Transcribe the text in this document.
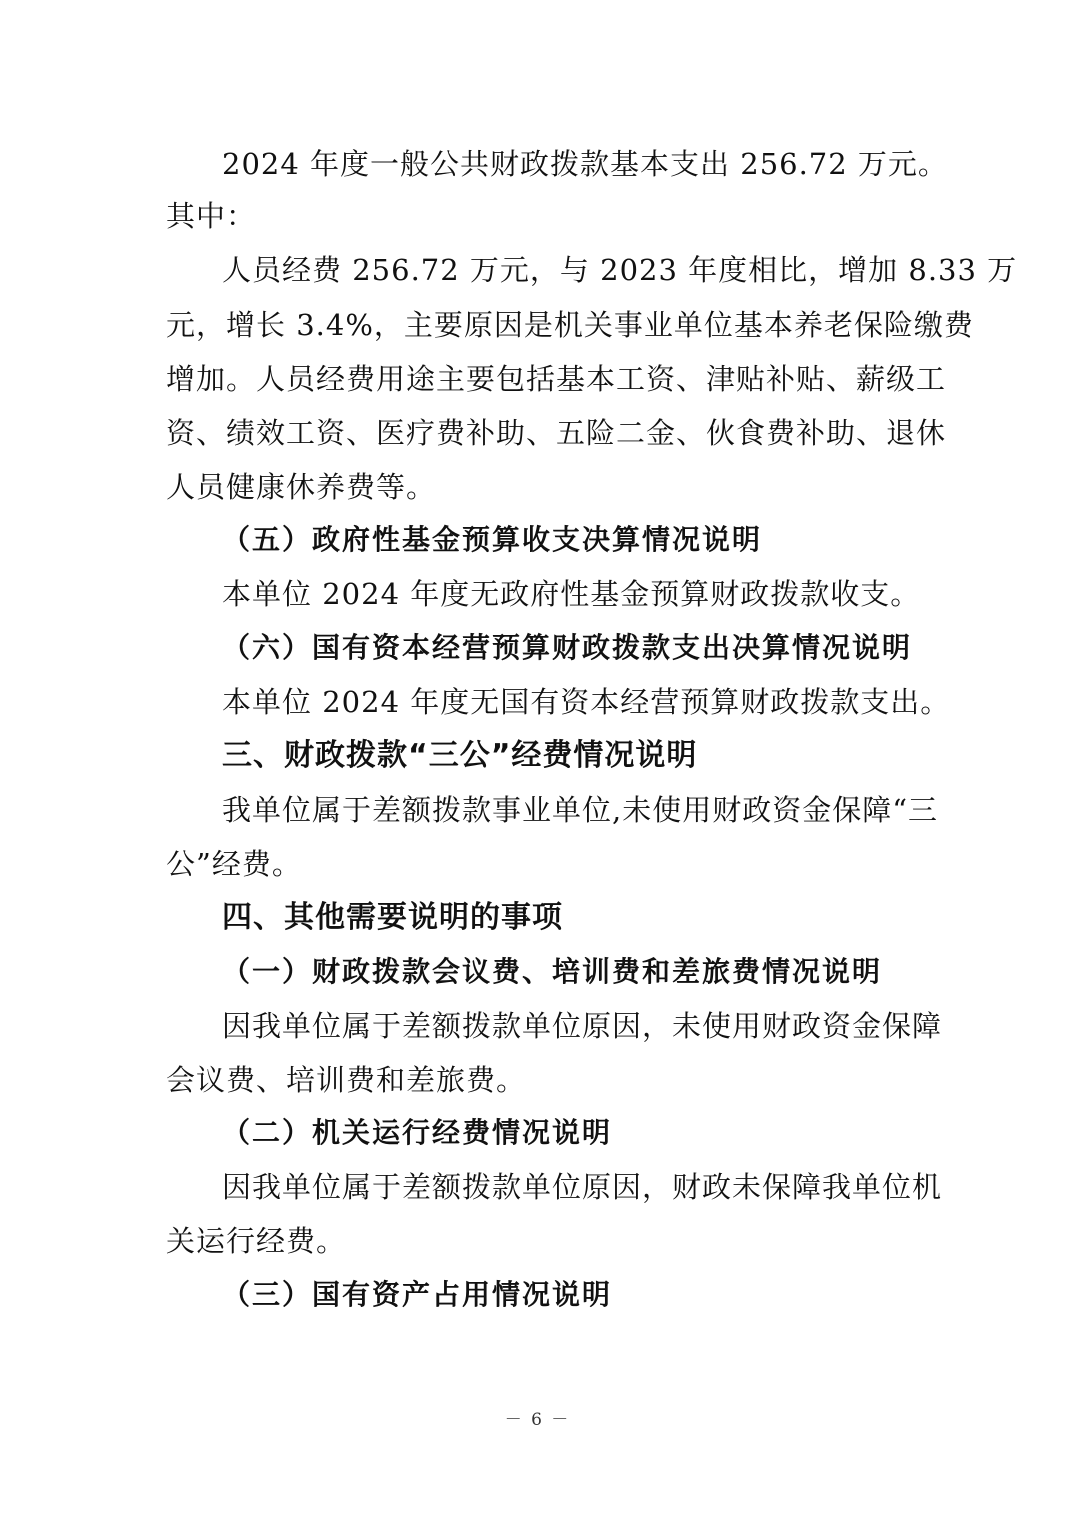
2024 年度一般公共财政拨款基本支出 256.72 万元。
其中：
人员经费 256.72 万元，与 2023 年度相比，增加 8.33 万
元，增长 3.4%，主要原因是机关事业单位基本养老保险缴费
增加。人员经费用途主要包括基本工资、津贴补贴、薪级工
资、绩效工资、医疗费补助、五险二金、伙食费补助、退休
人员健康休养费等。
（五）政府性基金预算收支决算情况说明
本单位 2024 年度无政府性基金预算财政拨款收支。
（六）国有资本经营预算财政拨款支出决算情况说明
本单位 2024 年度无国有资本经营预算财政拨款支出。
三、财政拨款“三公”经费情况说明
我单位属于差额拨款事业单位,未使用财政资金保障“三
公”经费。
四、其他需要说明的事项
（一）财政拨款会议费、培训费和差旅费情况说明
因我单位属于差额拨款单位原因，未使用财政资金保障
会议费、培训费和差旅费。
（二）机关运行经费情况说明
因我单位属于差额拨款单位原因，财政未保障我单位机
关运行经费。
（三）国有资产占用情况说明
－ 6 －
